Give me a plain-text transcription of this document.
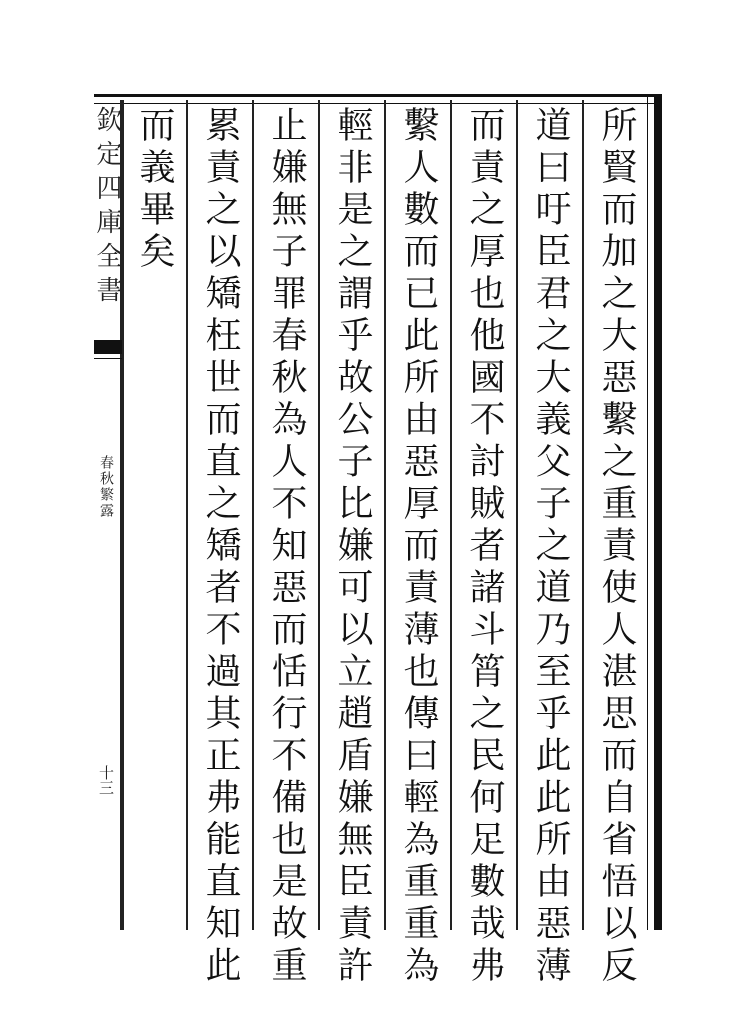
欽定四庫全書
春秋繁露
十三	所賢而加之大惡繫之重責使人湛思而自省悟以反
道曰吁臣君之大義父子之道乃至乎此此所由惡薄
而責之厚也他國不討賊者諸斗筲之民何足數哉弗
繫人數而已此所由惡厚而責薄也傳曰輕為重重為
輕非是之謂乎故公子比嫌可以立趙盾嫌無臣責許
止嫌無子罪春秋為人不知惡而恬行不備也是故重
累責之以矯枉世而直之矯者不過其正弗能直知此
而義畢矣
